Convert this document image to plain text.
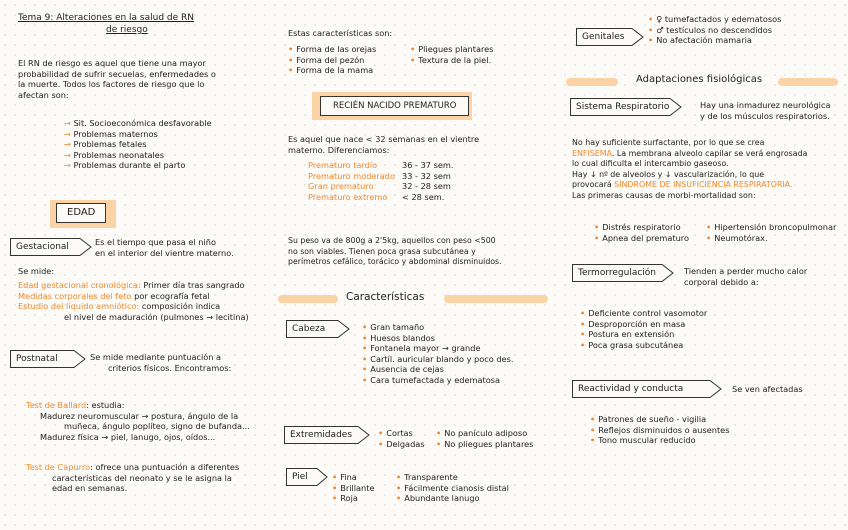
Tema 9: Alteraciones en la salud de RN
de riesgo
El RN de riesgo es aquel que tiene una mayor
probabilidad de sufrir secuelas, enfermedades o
la muerte. Todos los factores de riesgo que lo
afectan son:
→ Sit. Socioeconómica desfavorable
→ Problemas maternos
→ Problemas fetales
→ Problemas neonatales
→ Problemas durante el parto
EDAD
Gestacional	Es el tiempo que pasa el niño
en el interior del vientre materno.
Se mide:
Edad gestacional cronológica: Primer día tras sangrado
Medidas corporales del feto por ecografía fetal
Estudio del líquido amniótico: composición indica
el nivel de maduración (pulmones → lecitina)
Postnatal	Se mide mediante puntuación a
criterios físicos. Encontramos:
Test de Ballard: estudia:
Madurez neuromuscular → postura, ángulo de la
muñeca, ángulo poplíteo, signo de bufanda...
Madurez física → piel, lanugo, ojos, oídos...
Test de Capurro: ofrece una puntuación a diferentes
características del neonato y se le asigna la
edad en semanas.
Estas características son:
• Forma de las orejas
• Forma del pezón
• Forma de la mama
• Pliegues plantares
• Textura de la piel.
RECIÉN NACIDO PREMATURO
Es aquel que nace < 32 semanas en el vientre
materno. Diferenciamos:
Prematuro tardío	36 - 37 sem.
Prematuro moderado 33 - 32 sem
Gran prematuro	32 - 28 sem
Prematuro extremo < 28 sem.
Su peso va de 800g a 2'5kg, aquellos con peso <500
no son viables. Tienen poca grasa subcutánea y
perímetros cefálico, torácico y abdominal disminuidos.
Características
Cabeza	• Gran tamaño
• Huesos blandos
• Fontanela mayor → grande
• Cartíl. auricular blando y poco des.
• Ausencia de cejas
• Cara tumefactada y edematosa
Extremidades	• Cortas
• Delgadas
• No panículo adiposo
• No pliegues plantares
Piel	• Fina
• Brillante
• Roja
• Transparente
• Fácilmente cianosis distal
• Abundante lanugo
Genitales
• ♀ tumefactados y edematosos
• ♂ testículos no descendidos
• No afectación mamaria
Adaptaciones fisiológicas
Sistema Respiratorio	Hay una inmadurez neurológica
y de los músculos respiratorios.
No hay suficiente surfactante, por lo que se crea
ENFISEMA. La membrana alveolo capilar se verá engrosada
lo cual dificulta el intercambio gaseoso.
Hay ↓ nº de alveolos y ↓ vascularización, lo que
provocará SÍNDROME DE INSUFICIENCIA RESPIRATORIA.
Las primeras causas de morbi-mortalidad son:
• Distrés respiratorio
• Apnea del prematuro
• Hipertensión broncopulmonar
• Neumotórax.
Termorregulación	Tienden a perder mucho calor
corporal debido a:
• Deficiente control vasomotor
• Desproporción en masa
• Postura en extensión
• Poca grasa subcutánea
Reactividad y conducta	Se ven afectadas
• Patrones de sueño - vigilia
• Reflejos disminuidos o ausentes
• Tono muscular reducido
